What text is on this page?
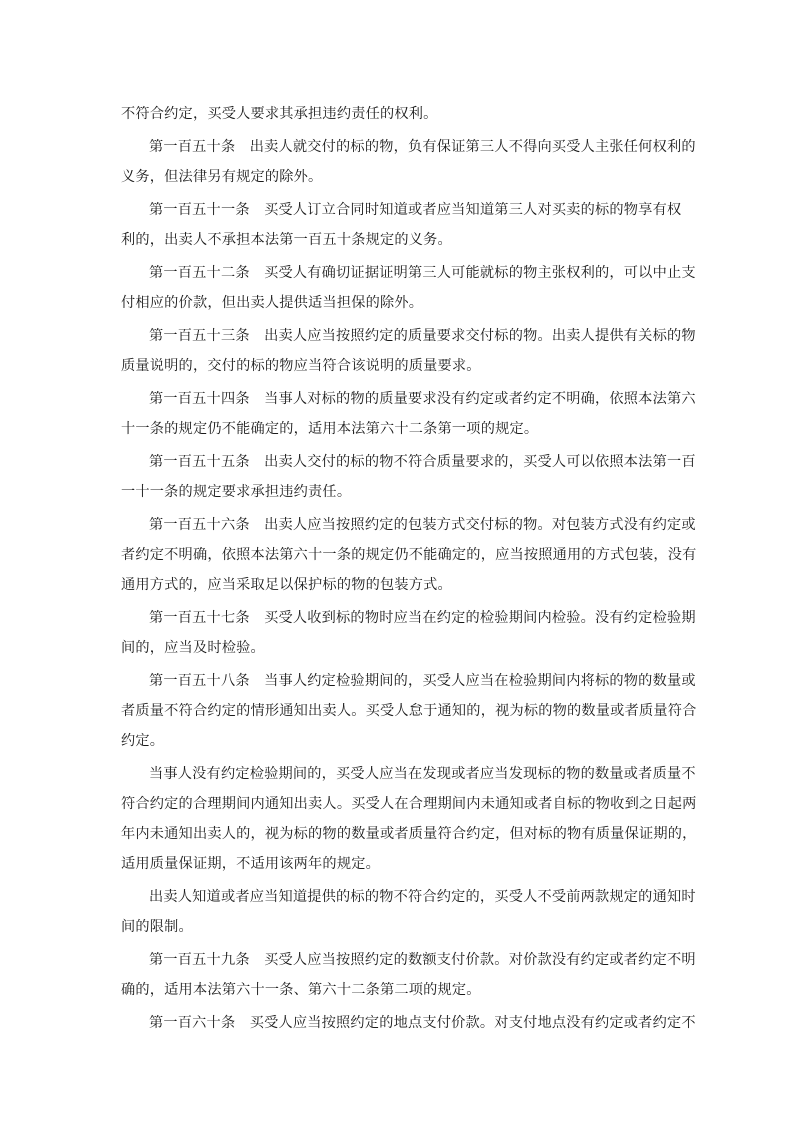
不符合约定，买受人要求其承担违约责任的权利。
第一百五十条　出卖人就交付的标的物，负有保证第三人不得向买受人主张任何权利的
义务，但法律另有规定的除外。
第一百五十一条　买受人订立合同时知道或者应当知道第三人对买卖的标的物享有权
利的，出卖人不承担本法第一百五十条规定的义务。
第一百五十二条　买受人有确切证据证明第三人可能就标的物主张权利的，可以中止支
付相应的价款，但出卖人提供适当担保的除外。
第一百五十三条　出卖人应当按照约定的质量要求交付标的物。出卖人提供有关标的物
质量说明的，交付的标的物应当符合该说明的质量要求。
第一百五十四条　当事人对标的物的质量要求没有约定或者约定不明确，依照本法第六
十一条的规定仍不能确定的，适用本法第六十二条第一项的规定。
第一百五十五条　出卖人交付的标的物不符合质量要求的，买受人可以依照本法第一百
一十一条的规定要求承担违约责任。
第一百五十六条　出卖人应当按照约定的包装方式交付标的物。对包装方式没有约定或
者约定不明确，依照本法第六十一条的规定仍不能确定的，应当按照通用的方式包装，没有
通用方式的，应当采取足以保护标的物的包装方式。
第一百五十七条　买受人收到标的物时应当在约定的检验期间内检验。没有约定检验期
间的，应当及时检验。
第一百五十八条　当事人约定检验期间的，买受人应当在检验期间内将标的物的数量或
者质量不符合约定的情形通知出卖人。买受人怠于通知的，视为标的物的数量或者质量符合
约定。
当事人没有约定检验期间的，买受人应当在发现或者应当发现标的物的数量或者质量不
符合约定的合理期间内通知出卖人。买受人在合理期间内未通知或者自标的物收到之日起两
年内未通知出卖人的，视为标的物的数量或者质量符合约定，但对标的物有质量保证期的，
适用质量保证期，不适用该两年的规定。
出卖人知道或者应当知道提供的标的物不符合约定的，买受人不受前两款规定的通知时
间的限制。
第一百五十九条　买受人应当按照约定的数额支付价款。对价款没有约定或者约定不明
确的，适用本法第六十一条、第六十二条第二项的规定。
第一百六十条　买受人应当按照约定的地点支付价款。对支付地点没有约定或者约定不
